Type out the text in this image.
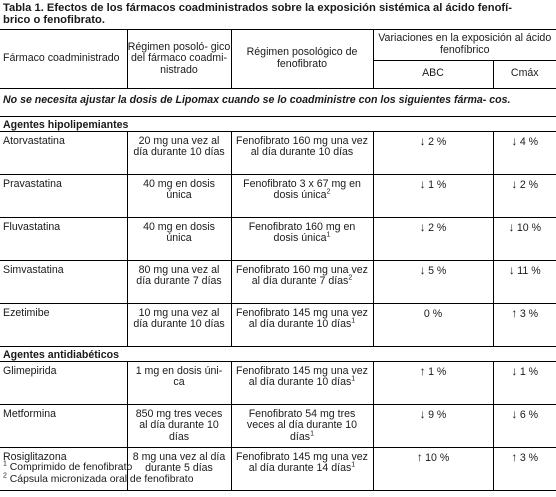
Tabla 1. Efectos de los fármacos coadministrados sobre la exposición sistémica al ácido fenofí-
brico o fenofibrato.
Fármaco coadministrado	Régimen posoló- gico del fármaco coadmi- nistrado	Régimen posológico de fenofibrato	Variaciones en la exposición al ácido fenofíbrico	
			ABC	Cmáx
No se necesita ajustar la dosis de Lipomax cuando se lo coadministre con los siguientes fárma- cos.				
Agentes hipolipemiantes				
Atorvastatina	20 mg una vez al día durante 10 días	Fenofibrato 160 mg una vez al día durante 10 días	↓ 2 %	↓ 4 %
Pravastatina	40 mg en dosis única	Fenofibrato 3 x 67 mg en dosis única$^2$	↓ 1 %	↓ 2 %
Fluvastatina	40 mg en dosis única	Fenofibrato 160 mg en dosis única$^1$	↓ 2 %	↓ 10 %
Simvastatina	80 mg una vez al día durante 7 días	Fenofibrato 160 mg una vez al día durante 7 días$^2$	↓ 5 %	↓ 11 %
Ezetimibe	10 mg una vez al día durante 10 días	Fenofibrato 145 mg una vez al día durante 10 días$^1$	0 %	↑ 3 %
Agentes antidiabéticos				
Glimepirida	1 mg en dosis úni- ca	Fenofibrato 145 mg una vez al día durante 10 días$^1$	↑ 1 %	↓ 1 %
Metformina	850 mg tres veces al día durante 10 días	Fenofibrato 54 mg tres veces al día durante 10 días$^1$	↓ 9 %	↓ 6 %
Rosiglitazona	8 mg una vez al día durante 5 días	Fenofibrato 145 mg una vez al día durante 14 días$^1$	↑ 10 %	↑ 3 %
$^1$ Comprimido de fenofibrato
$^2$ Cápsula micronizada oral de fenofibrato
